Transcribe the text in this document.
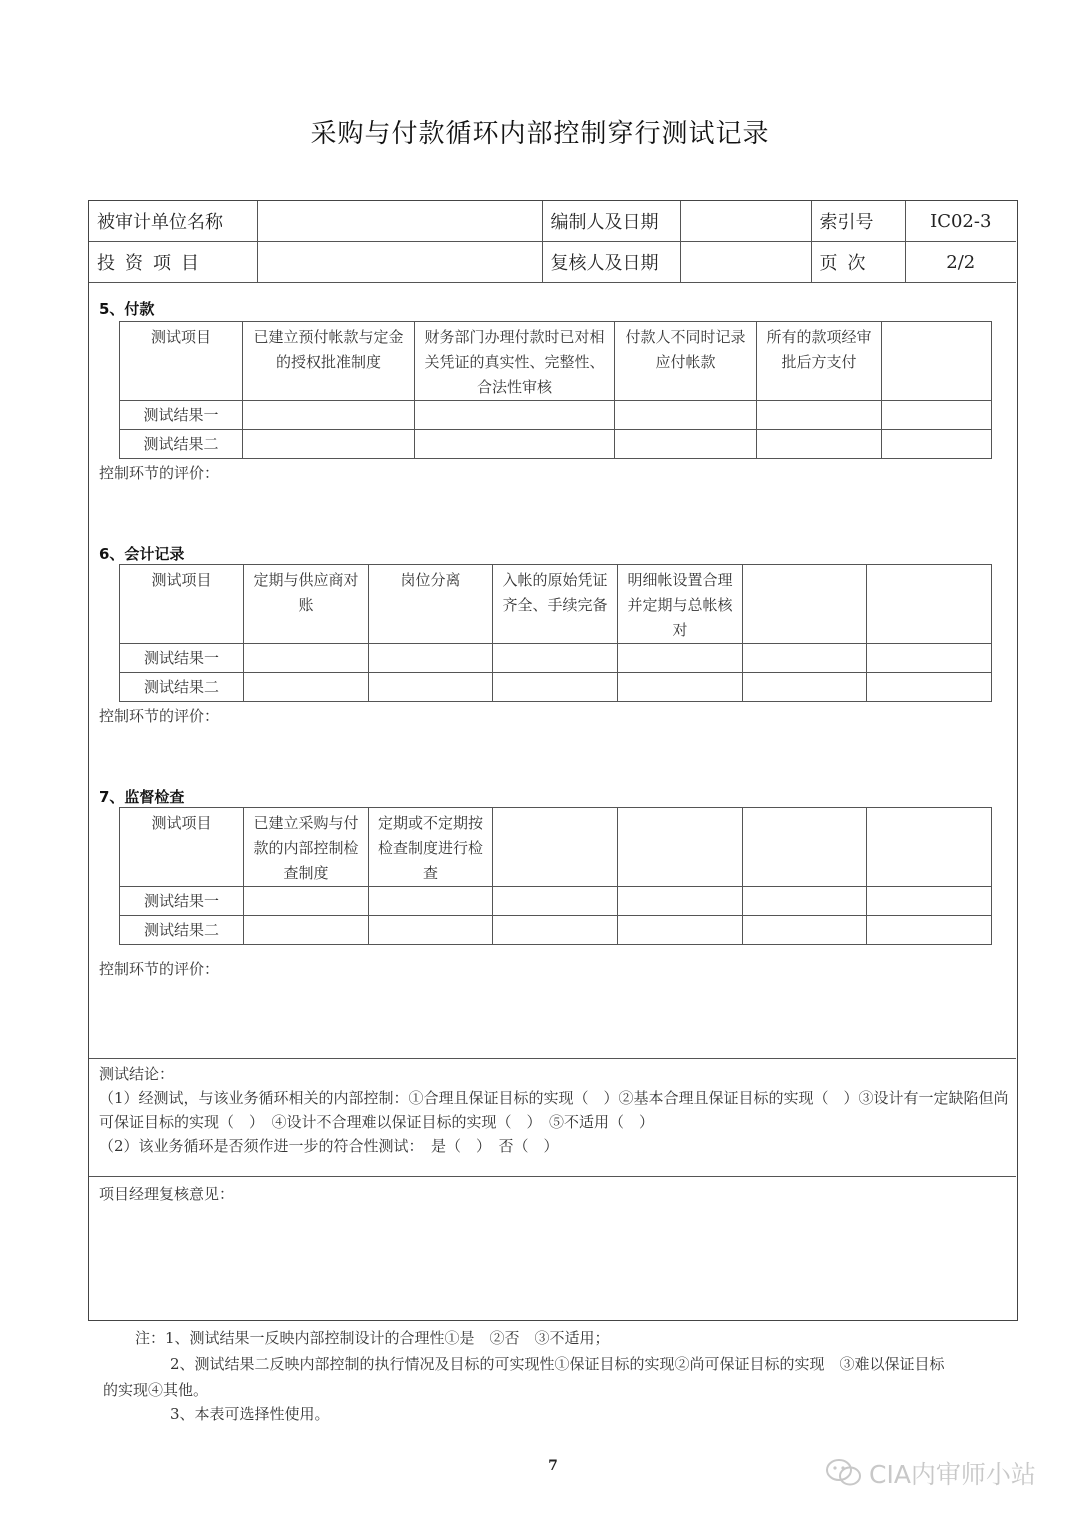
采购与付款循环内部控制穿行测试记录
被审计单位名称		编制人及日期		索引号	IC02-3
投资项目		复核人及日期		页次	2/2
5、付款
测试项目	已建立预付帐款与定金的授权批准制度	财务部门办理付款时已对相关凭证的真实性、完整性、合法性审核	付款人不同时记录应付帐款	所有的款项经审批后方支付	
测试结果一					
测试结果二					
控制环节的评价：
6、会计记录
测试项目	定期与供应商对账	岗位分离	入帐的原始凭证齐全、手续完备	明细帐设置合理并定期与总帐核对		
测试结果一						
测试结果二						
控制环节的评价：
7、监督检查
测试项目	已建立采购与付款的内部控制检查制度	定期或不定期按检查制度进行检查				
测试结果一						
测试结果二						
控制环节的评价：

测试结论：

（1）经测试，与该业务循环相关的内部控制：①合理且保证目标的实现（　）②基本合理且保证目标的实现（　）③设计有一定缺陷但尚可保证目标的实现（　）　④设计不合理难以保证目标的实现（　）　⑤不适用（　）

（2）该业务循环是否须作进一步的符合性测试：　是（　）　否（　）

项目经理复核意见：
注：1、测试结果一反映内部控制设计的合理性①是　②否　③不适用；
2、测试结果二反映内部控制的执行情况及目标的可实现性①保证目标的实现②尚可保证目标的实现　③难以保证目标
的实现④其他。
3、本表可选择性使用。
7	CIA内审师小站
